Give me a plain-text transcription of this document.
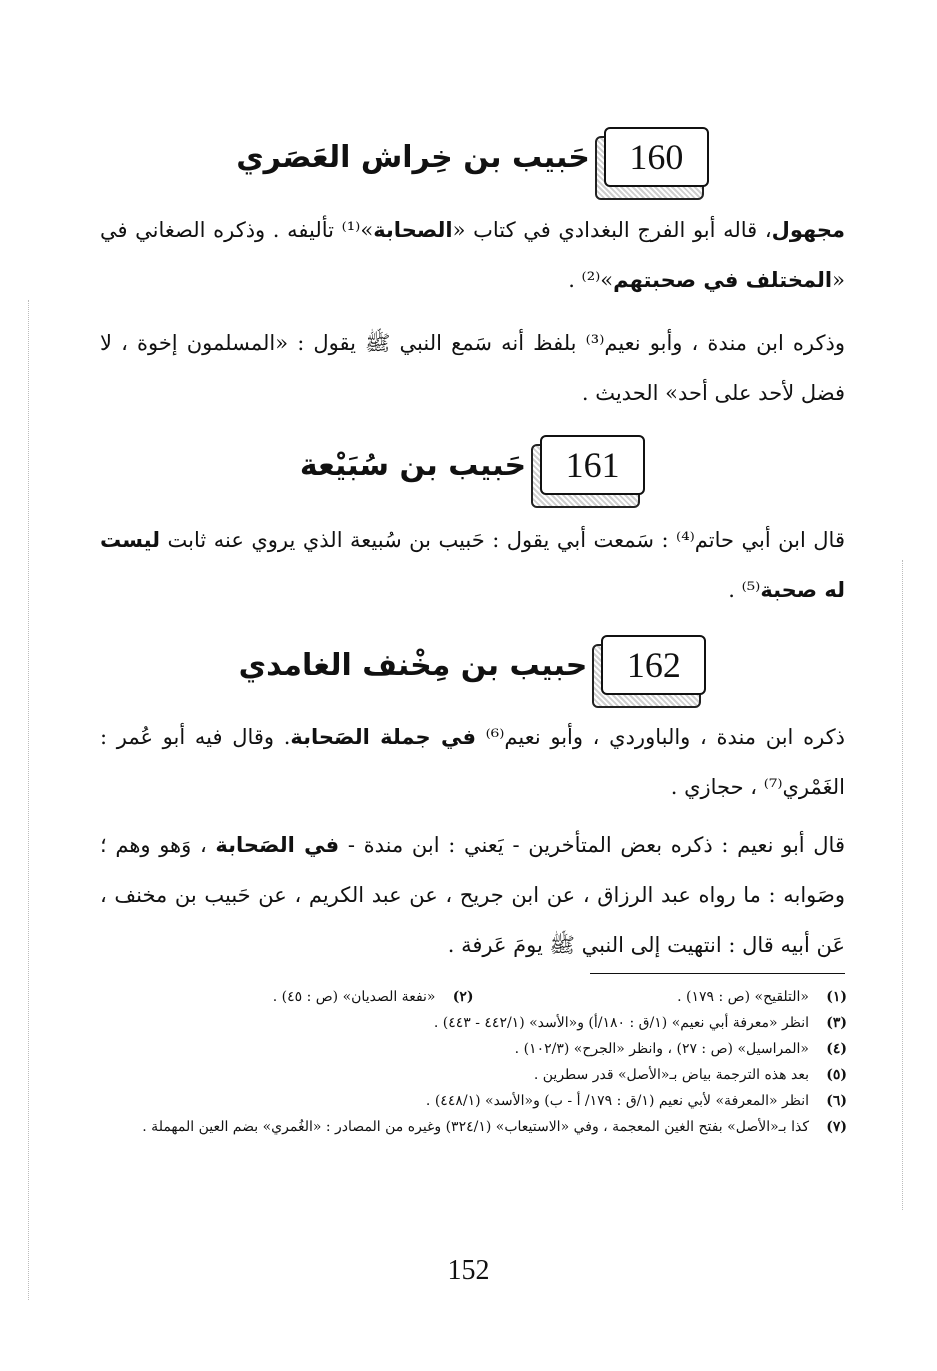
160
حَبيب بن خِراش العَصَري
مجهول، قاله أبو الفرج البغدادي في كتاب «الصحابة»⁽¹⁾ تأليفه . وذكره الصغاني في «المختلف في صحبتهم»⁽²⁾ .
وذكره ابن مندة ، وأبو نعيم⁽³⁾ بلفظ أنه سَمع النبي ﷺ يقول : «المسلمون إخوة ، لا فضل لأحد على أحد» الحديث .
161
حَبيب بن سُبَيْعة
قال ابن أبي حاتم⁽⁴⁾ : سَمعت أبي يقول : حَبيب بن سُبيعة الذي يروي عنه ثابت ليست له صحبة⁽⁵⁾ .
162
حبيب بن مِخْنف الغامدي
ذكره ابن مندة ، والباوردي ، وأبو نعيم⁽⁶⁾ في جملة الصَحابة. وقال فيه أبو عُمر : الغَمْري⁽⁷⁾ ، حجازي .
قال أبو نعيم : ذكره بعض المتأخرين - يَعني : ابن مندة - في الصَحابة ، وَهو وهم ؛ وصَوابه : ما رواه عبد الرزاق ، عن ابن جريح ، عن عبد الكريم ، عن حَبيب بن مخنف ، عَن أبيه قال : انتهيت إلى النبي ﷺ يومَ عَرفة .
(١)
«التلقيح» (ص : ١٧٩) .
(٢)
«نفعة الصديان» (ص : ٤٥) .
(٣)
انظر «معرفة أبي نعيم» (١/ق : ١٨٠/أ) و«الأسد» (٤٤٢/١ - ٤٤٣) .
(٤)
«المراسيل» (ص : ٢٧) ، وانظر «الجرح» (١٠٢/٣) .
(٥)
بعد هذه الترجمة بياض بـ«الأصل» قدر سطرين .
(٦)
انظر «المعرفة» لأبي نعيم (١/ق : ١٧٩/ أ - ب) و«الأسد» (٤٤٨/١) .
(٧)
كذا بـ«الأصل» بفتح الغين المعجمة ، وفي «الاستيعاب» (٣٢٤/١) وغيره من المصادر : «الغُمري» بضم العين المهملة .
152
